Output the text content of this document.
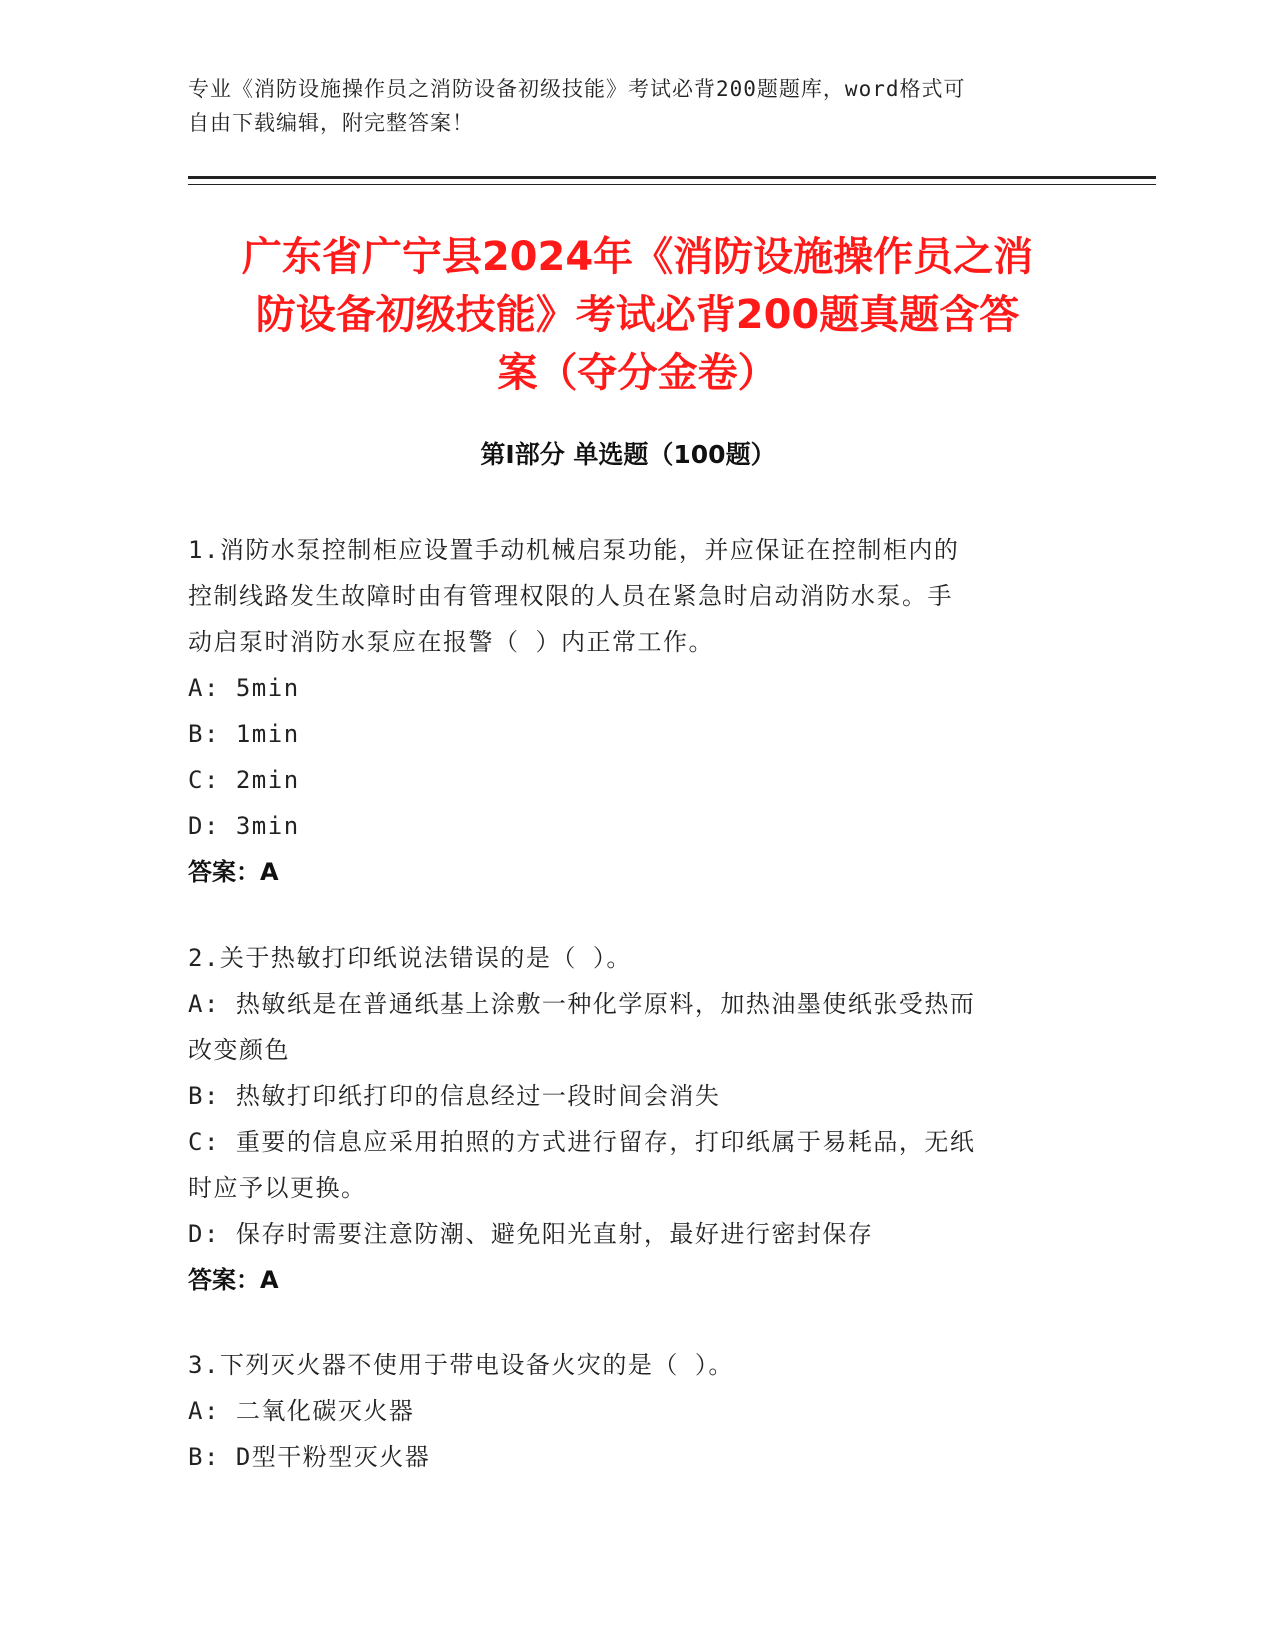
专业《消防设施操作员之消防设备初级技能》考试必背200题题库，word格式可
自由下载编辑，附完整答案！
广东省广宁县2024年《消防设施操作员之消
防设备初级技能》考试必背200题真题含答
案（夺分金卷）
第Ⅰ部分 单选题（100题）
1.消防水泵控制柜应设置手动机械启泵功能，并应保证在控制柜内的
控制线路发生故障时由有管理权限的人员在紧急时启动消防水泵。手
动启泵时消防水泵应在报警（ ）内正常工作。
A: 5min
B: 1min
C: 2min
D: 3min
答案：A
2.关于热敏打印纸说法错误的是（ ）。
A: 热敏纸是在普通纸基上涂敷一种化学原料，加热油墨使纸张受热而
改变颜色
B: 热敏打印纸打印的信息经过一段时间会消失
C: 重要的信息应采用拍照的方式进行留存，打印纸属于易耗品，无纸
时应予以更换。
D: 保存时需要注意防潮、避免阳光直射，最好进行密封保存
答案：A
3.下列灭火器不使用于带电设备火灾的是（ ）。
A: 二氧化碳灭火器
B: D型干粉型灭火器
